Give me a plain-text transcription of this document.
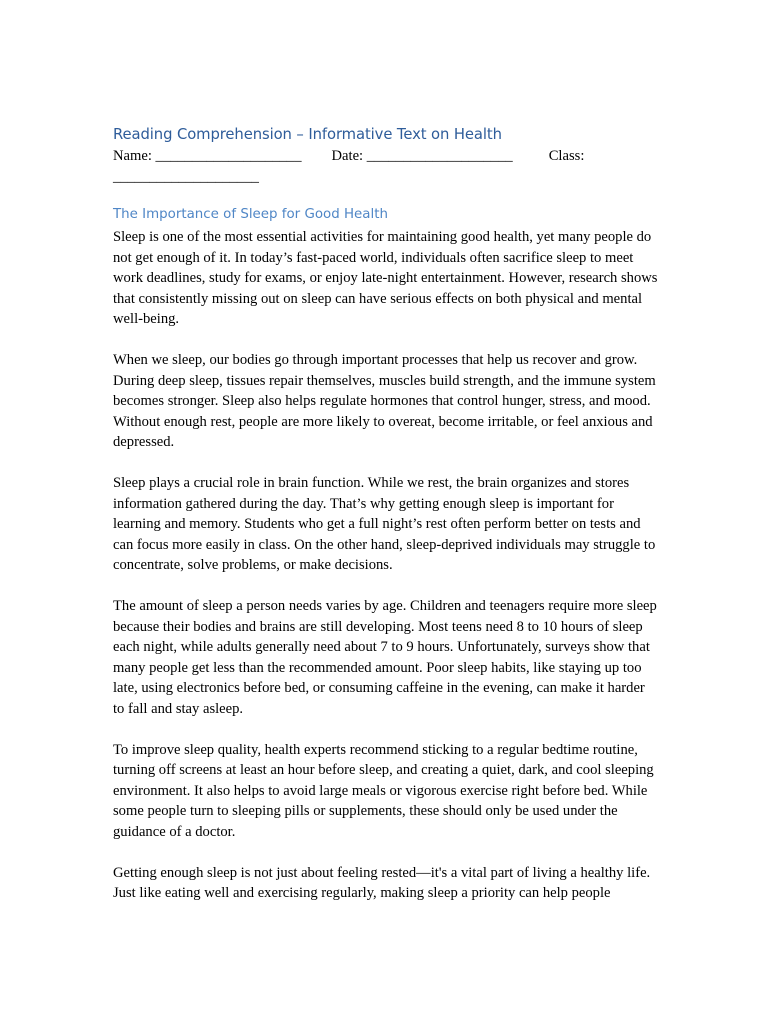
Reading Comprehension – Informative Text on Health

Name: ____________________ Date: ____________________ Class:
____________________

The Importance of Sleep for Good Health

Sleep is one of the most essential activities for maintaining good health, yet many people do not get enough of it. In today’s fast-paced world, individuals often sacrifice sleep to meet work deadlines, study for exams, or enjoy late-night entertainment. However, research shows that consistently missing out on sleep can have serious effects on both physical and mental well-being.

When we sleep, our bodies go through important processes that help us recover and grow. During deep sleep, tissues repair themselves, muscles build strength, and the immune system becomes stronger. Sleep also helps regulate hormones that control hunger, stress, and mood. Without enough rest, people are more likely to overeat, become irritable, or feel anxious and depressed.

Sleep plays a crucial role in brain function. While we rest, the brain organizes and stores information gathered during the day. That’s why getting enough sleep is important for learning and memory. Students who get a full night’s rest often perform better on tests and can focus more easily in class. On the other hand, sleep-deprived individuals may struggle to concentrate, solve problems, or make decisions.

The amount of sleep a person needs varies by age. Children and teenagers require more sleep because their bodies and brains are still developing. Most teens need 8 to 10 hours of sleep each night, while adults generally need about 7 to 9 hours. Unfortunately, surveys show that many people get less than the recommended amount. Poor sleep habits, like staying up too late, using electronics before bed, or consuming caffeine in the evening, can make it harder to fall and stay asleep.

To improve sleep quality, health experts recommend sticking to a regular bedtime routine, turning off screens at least an hour before sleep, and creating a quiet, dark, and cool sleeping environment. It also helps to avoid large meals or vigorous exercise right before bed. While some people turn to sleeping pills or supplements, these should only be used under the guidance of a doctor.

Getting enough sleep is not just about feeling rested—it's a vital part of living a healthy life. Just like eating well and exercising regularly, making sleep a priority can help people
